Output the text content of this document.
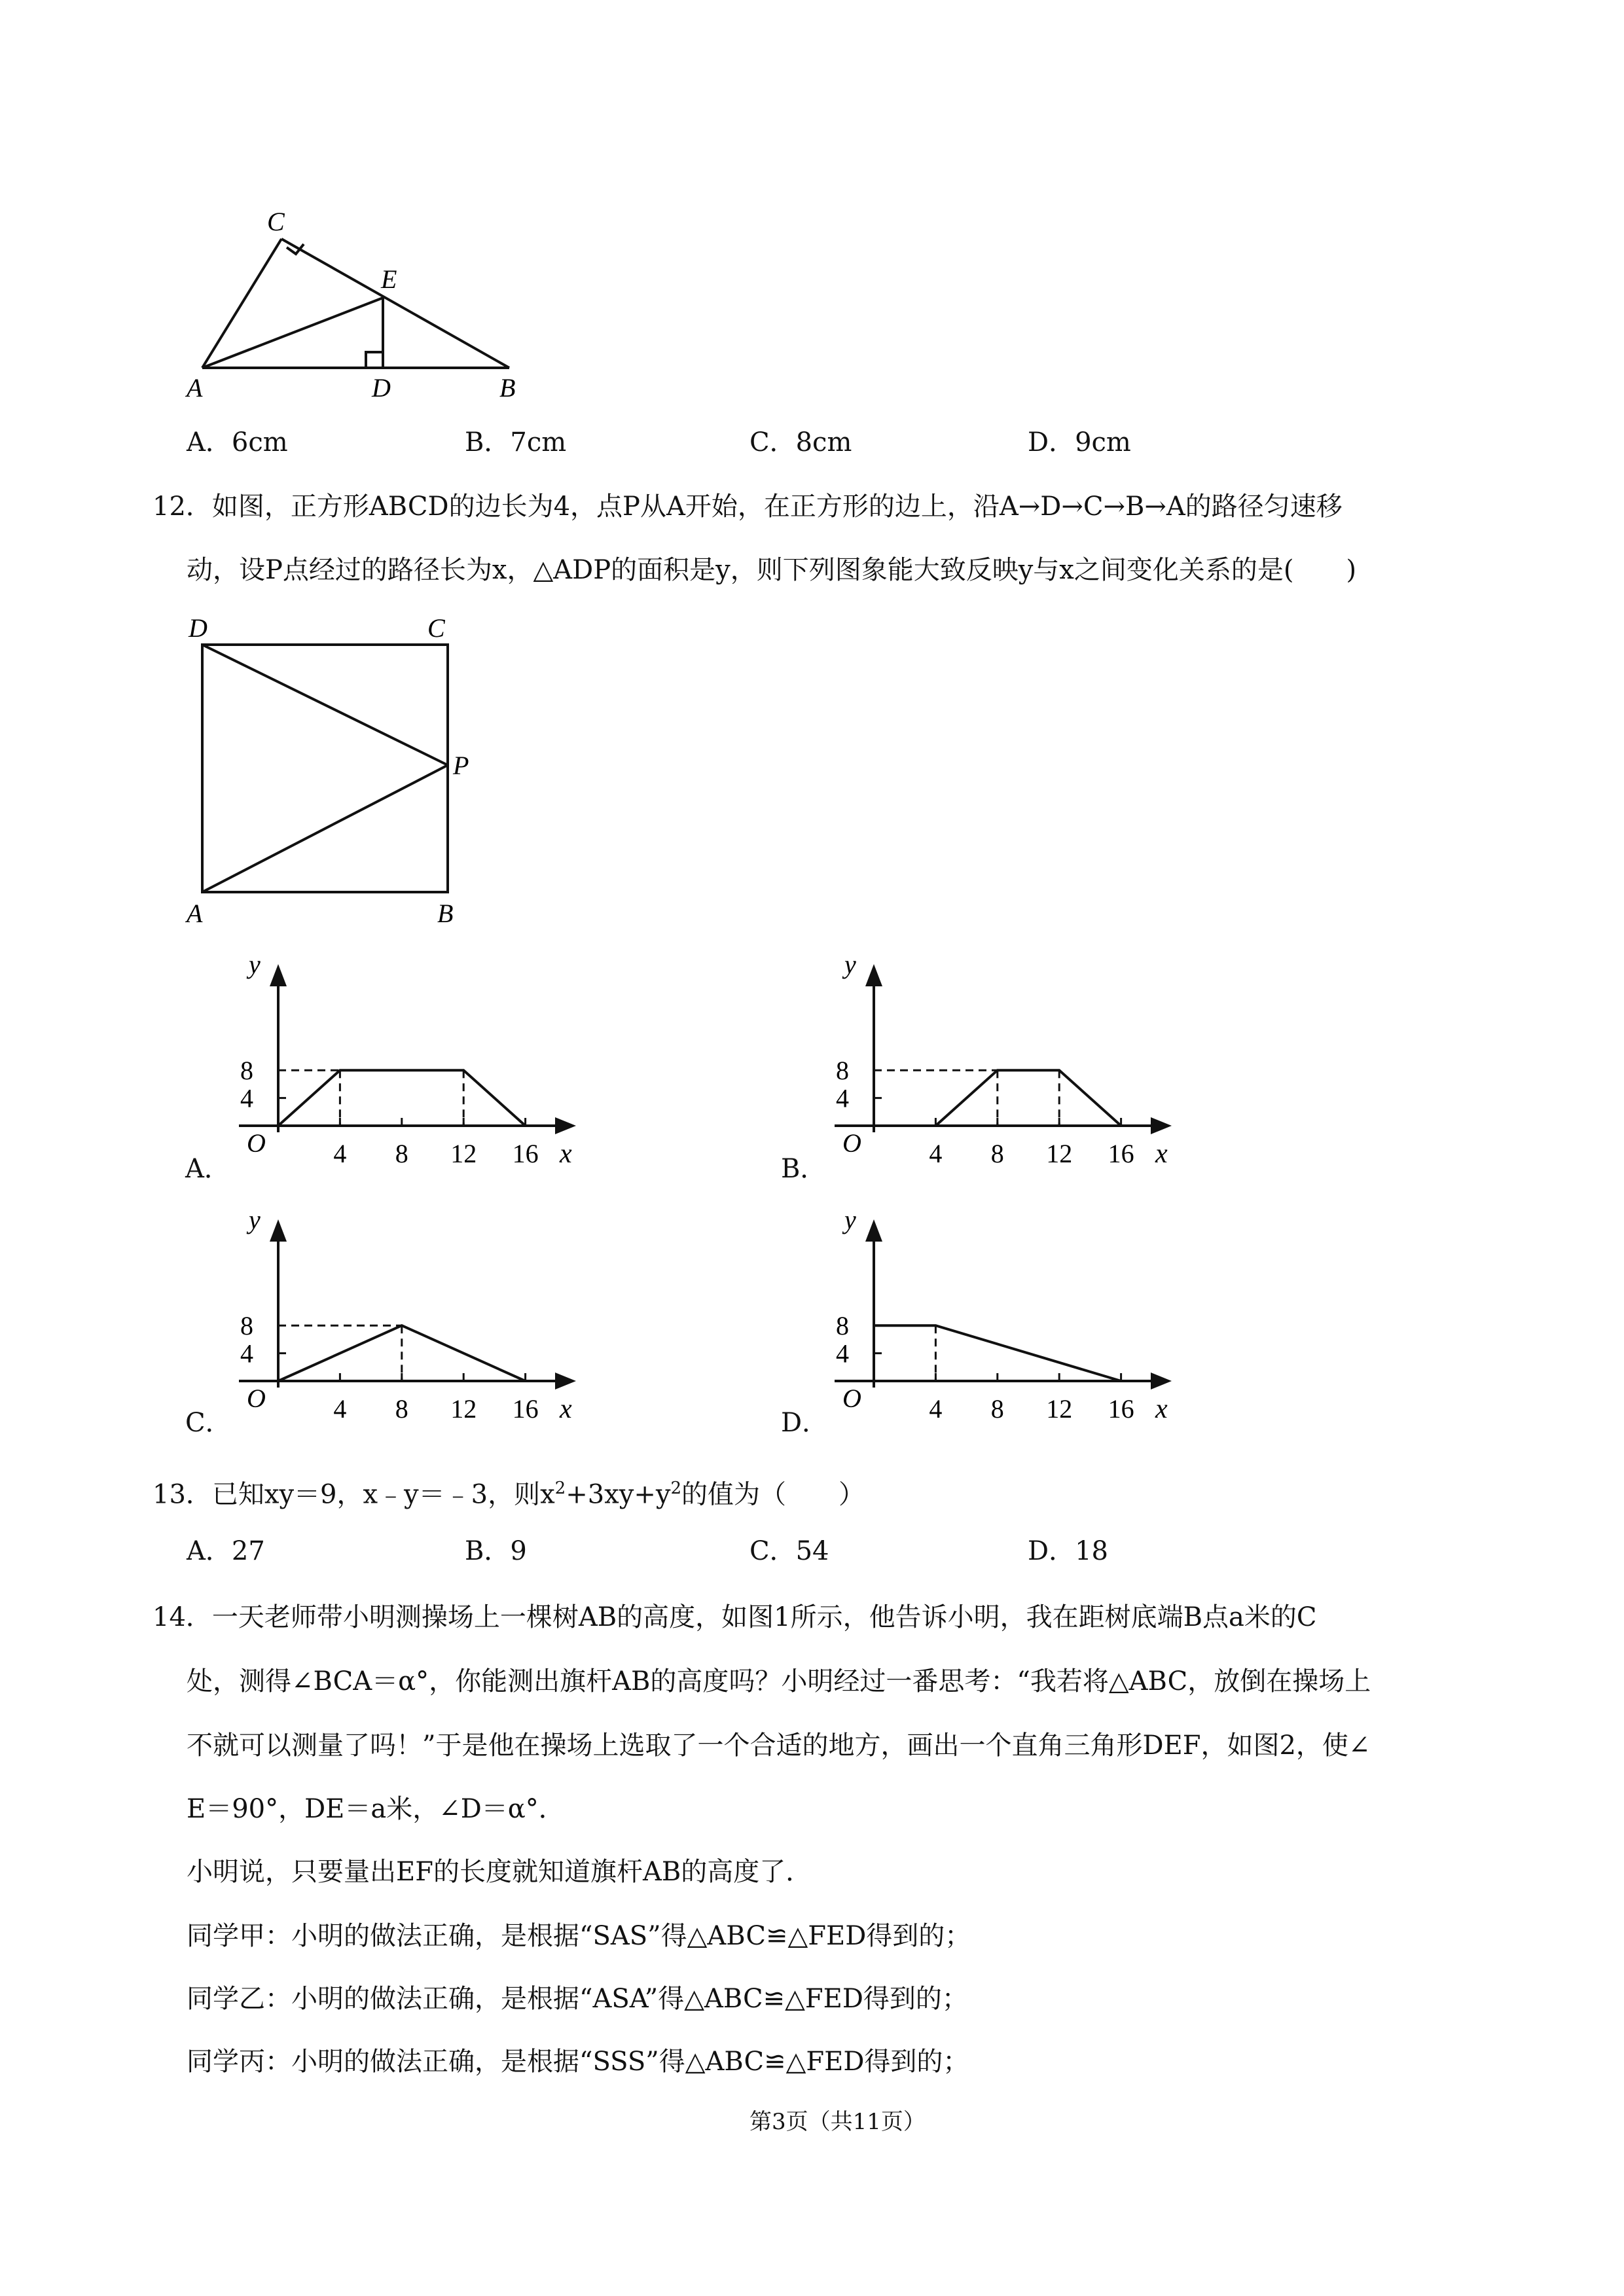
C
E
A	D	B
A．6cm	B．7cm	C．8cm	D．9cm
12．如图，正方形ABCD的边长为4，点P从A开始，在正方形的边上，沿A→D→C→B→A的路径匀速移
动，设P点经过的路径长为x，△ADP的面积是y，则下列图象能大致反映y与x之间变化关系的是(　　)
D	C
P
A	B
A．	B．
C．	D．
y
x
O
8
4
4 8 12 16
y
x
O
8
4
4 8 12 16
y
x
O
8
4
4 8 12 16
y
x
O
8
4
4 8 12 16
13．已知xy＝9，x﹣y＝﹣3，则$x^2+3xy+y^2$的值为（　　）
A．27	B．9	C．54	D．18
14．一天老师带小明测操场上一棵树AB的高度，如图1所示，他告诉小明，我在距树底端B点a米的C
处，测得∠BCA＝α°，你能测出旗杆AB的高度吗？小明经过一番思考：“我若将△ABC，放倒在操场上
不就可以测量了吗！”于是他在操场上选取了一个合适的地方，画出一个直角三角形DEF，如图2，使∠
E＝90°，DE＝a米，∠D＝α°．
小明说，只要量出EF的长度就知道旗杆AB的高度了．
同学甲：小明的做法正确，是根据“SAS”得△ABC≌△FED得到的；
同学乙：小明的做法正确，是根据“ASA”得△ABC≌△FED得到的；
同学丙：小明的做法正确，是根据“SSS”得△ABC≌△FED得到的；
第3页（共11页）
